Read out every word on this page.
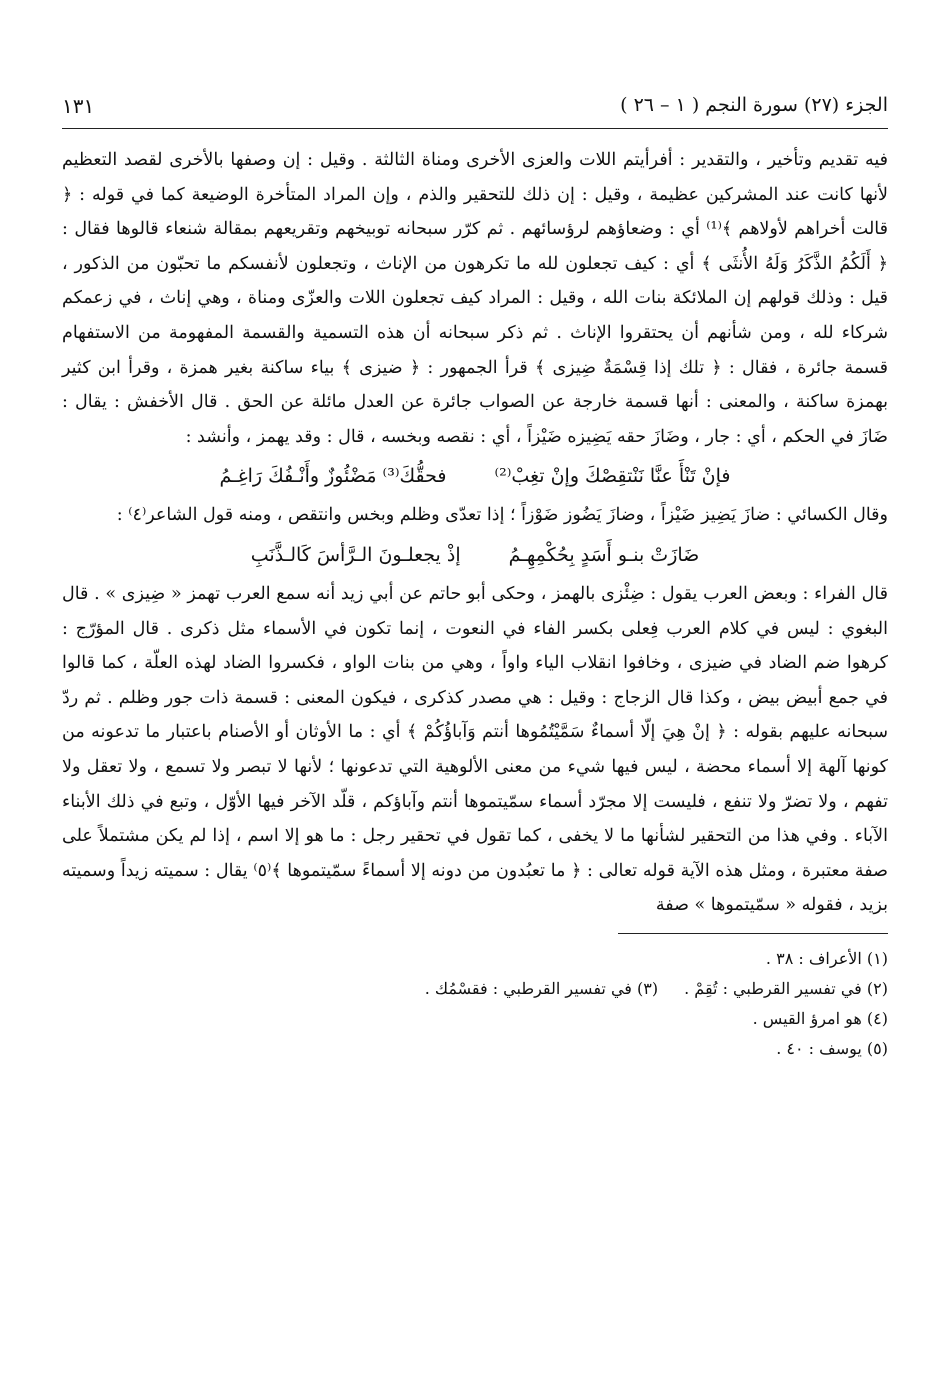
الجزء (٢٧) سورة النجم ( ١ – ٢٦ )
١٣١

فيه تقديم وتأخير ، والتقدير : أفرأيتم اللات والعزى الأخرى ومناة الثالثة . وقيل : إن وصفها بالأخرى لقصد التعظيم لأنها كانت عند المشركين عظيمة ، وقيل : إن ذلك للتحقير والذم ، وإن المراد المتأخرة الوضيعة كما في قوله : ﴿ قالت أخراهم لأولاهم ﴾⁽¹⁾ أي : وضعاؤهم لرؤسائهم . ثم كرّر سبحانه توبيخهم وتقريعهم بمقالة شنعاء قالوها فقال : ﴿ أَلَكُمُ الذَّكَرُ وَلَهُ الأُنثَى ﴾ أي : كيف تجعلون لله ما تكرهون من الإناث ، وتجعلون لأنفسكم ما تحبّون من الذكور ، قيل : وذلك قولهم إن الملائكة بنات الله ، وقيل : المراد كيف تجعلون اللات والعزّى ومناة ، وهي إناث ، في زعمكم شركاء لله ، ومن شأنهم أن يحتقروا الإناث . ثم ذكر سبحانه أن هذه التسمية والقسمة المفهومة من الاستفهام قسمة جائرة ، فقال : ﴿ تلك إذا قِسْمَةٌ ضِيزى ﴾ قرأ الجمهور : ﴿ ضيزى ﴾ بياء ساكنة بغير همزة ، وقرأ ابن كثير بهمزة ساكنة ، والمعنى : أنها قسمة خارجة عن الصواب جائرة عن العدل مائلة عن الحق . قال الأخفش : يقال : ضَازَ في الحكم ، أي : جار ، وضَازَ حقه يَضِيزه ضَيْزاً ، أي : نقصه وبخسه ، قال : وقد يهمز ، وأنشد :

فإنْ تَنْأَ عنَّا نَنْتقِصْكَ وإنْ تغِبْ⁽²⁾
فحقُّكَ⁽³⁾ مَضْئُوزٌ وأَنْـفُكَ رَاغِـمُ

وقال الكسائي : ضازَ يَضِيز ضَيْزاً ، وضازَ يَضُوز ضَوْزاً ؛ إذا تعدّى وظلم وبخس وانتقص ، ومنه قول الشاعر⁽٤⁾ :

ضَازَتْ بنـو أَسَدٍ بِحُكْمِهِـمُ
إذْ يجعلـونَ الـرَّأسَ كَالـذَّنَبِ

قال الفراء : وبعض العرب يقول : ضِئْزى بالهمز ، وحكى أبو حاتم عن أبي زيد أنه سمع العرب تهمز « ضِيزى » . قال البغوي : ليس في كلام العرب فِعلى بكسر الفاء في النعوت ، إنما تكون في الأسماء مثل ذكرى . قال المؤرّج : كرهوا ضم الضاد في ضيزى ، وخافوا انقلاب الياء واواً ، وهي من بنات الواو ، فكسروا الضاد لهذه العلّة ، كما قالوا في جمع أبيض بيض ، وكذا قال الزجاج : وقيل : هي مصدر كذكرى ، فيكون المعنى : قسمة ذات جور وظلم . ثم ردّ سبحانه عليهم بقوله : ﴿ إنْ هِيَ إلّا أسماءٌ سَمَّيْتُمُوها أنتم وَآباؤُكُمْ ﴾ أي : ما الأوثان أو الأصنام باعتبار ما تدعونه من كونها آلهة إلا أسماء محضة ، ليس فيها شيء من معنى الألوهية التي تدعونها ؛ لأنها لا تبصر ولا تسمع ، ولا تعقل ولا تفهم ، ولا تضرّ ولا تنفع ، فليست إلا مجرّد أسماء سمّيتموها أنتم وآباؤكم ، قلّد الآخر فيها الأوّل ، وتبع في ذلك الأبناء الآباء . وفي هذا من التحقير لشأنها ما لا يخفى ، كما تقول في تحقير رجل : ما هو إلا اسم ، إذا لم يكن مشتملاً على صفة معتبرة ، ومثل هذه الآية قوله تعالى : ﴿ ما تعبُدون من دونه إلا أسماءً سمّيتموها ﴾⁽٥⁾ يقال : سميته زيداً وسميته بزيد ، فقوله « سمّيتموها » صفة

(١) الأعراف : ٣٨ .

(٢) في تفسير القرطبي : تُقِمْ .
(٣) في تفسير القرطبي : فقسْمُك .

(٤) هو امرؤ القيس .

(٥) يوسف : ٤٠ .
